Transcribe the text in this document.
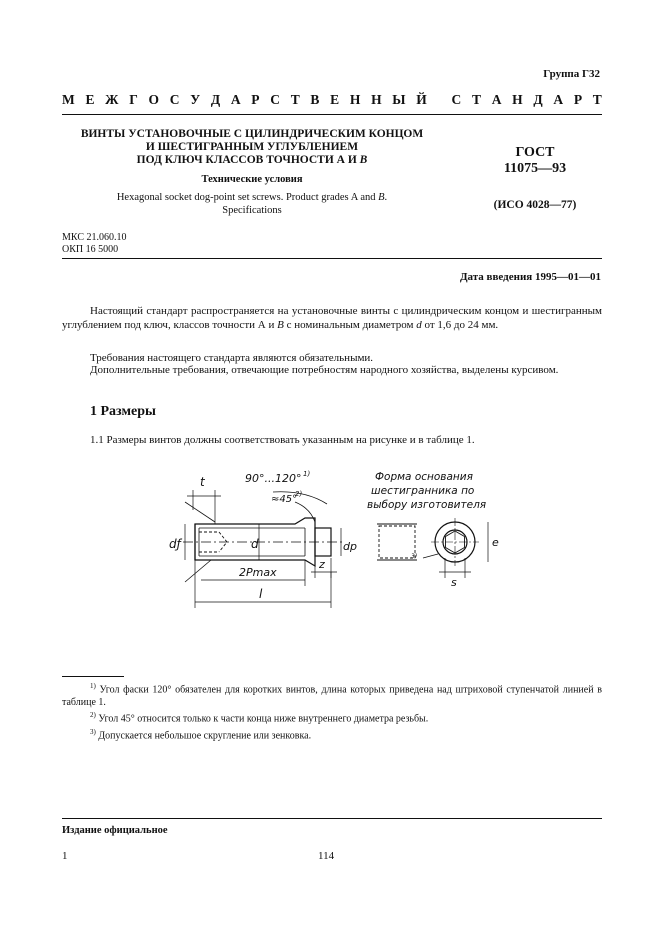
Группа Г32
М Е Ж Г О С У Д А Р С Т В Е Н Н Ы Й
С Т А Н Д А Р Т
ВИНТЫ УСТАНОВОЧНЫЕ С ЦИЛИНДРИЧЕСКИМ КОНЦОМ
И ШЕСТИГРАННЫМ УГЛУБЛЕНИЕМ
ПОД КЛЮЧ КЛАССОВ ТОЧНОСТИ А И В
Технические условия
Hexagonal socket dog-point set screws. Product grades A and B.
Specifications
ГОСТ
11075—93
(ИСО 4028—77)
МКС 21.060.10
ОКП 16 5000
Дата введения 1995—01—01
Настоящий стандарт распространяется на установочные винты с цилиндрическим концом и шестигранным углублением под ключ, классов точности А и В с номинальным диаметром d от 1,6 до 24 мм.
Требования настоящего стандарта являются обязательными.
Дополнительные требования, отвечающие потребностям народного хозяйства, выделены курсивом.
1 Размеры
1.1 Размеры винтов должны соответствовать указанным на рисунке и в таблице 1.
t	90°...120° 1)
≈45°
2)
dƒ	d	dp
z
2Pmax
l
3)
s
e
Форма основания
шестигранника по
выбору изготовителя
$^{1)}$ Угол фаски 120° обязателен для коротких винтов, длина которых приведена над штриховой ступенчатой линией в таблице 1.
$^{2)}$ Угол 45° относится только к части конца ниже внутреннего диаметра резьбы.
$^{3)}$ Допускается небольшое скругление или зенковка.
Издание официальное
1	114
